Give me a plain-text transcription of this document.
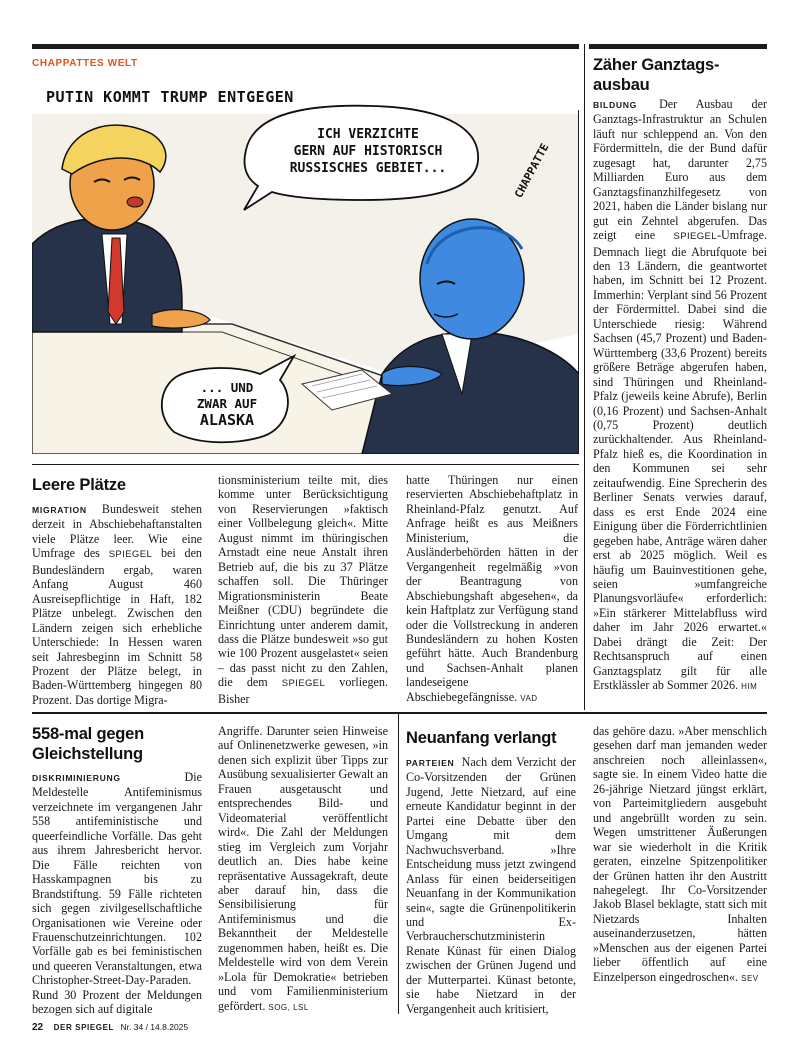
CHAPPATTES WELT
PUTIN KOMMT TRUMP ENTGEGEN
ICH VERZICHTE
GERN AUF HISTORISCH
RUSSISCHES GEBIET...
... UND
ZWAR AUF
ALASKA
CHAPPATTE
Leere Plätze
MIGRATION Bundesweit stehen derzeit in Abschiebehaftanstalten viele Plätze leer. Wie eine Umfrage des SPIEGEL bei den Bundesländern ergab, waren Anfang August 460 Ausreisepflichtige in Haft, 182 Plätze unbelegt. Zwischen den Ländern zeigen sich erhebliche Unterschiede: In Hessen waren seit Jahresbeginn im Schnitt 58 Prozent der Plätze belegt, in Baden-Württemberg hingegen 80 Prozent. Das dortige Migra-
tionsministerium teilte mit, dies komme unter Berücksichtigung von Reservierungen »faktisch einer Vollbelegung gleich«. Mitte August nimmt im thüringischen Arnstadt eine neue Anstalt ihren Betrieb auf, die bis zu 37 Plätze schaffen soll. Die Thüringer Migrationsministerin Beate Meißner (CDU) begründete die Einrichtung unter anderem damit, dass die Plätze bundesweit »so gut wie 100 Prozent ausgelastet« seien – das passt nicht zu den Zahlen, die dem SPIEGEL vorliegen. Bisher
hatte Thüringen nur einen reservierten Abschiebehaftplatz in Rheinland-Pfalz genutzt. Auf Anfrage heißt es aus Meißners Ministerium, die Ausländerbehörden hätten in der Vergangenheit regelmäßig »von der Beantragung von Abschiebungshaft abgesehen«, da kein Haftplatz zur Verfügung stand oder die Vollstreckung in anderen Bundesländern zu hohen Kosten geführt hätte. Auch Brandenburg und Sachsen-Anhalt planen landeseigene Abschiebegefängnisse. VAD
Zäher Ganztags-ausbau
BILDUNG Der Ausbau der Ganztags-Infrastruktur an Schulen läuft nur schleppend an. Von den Fördermitteln, die der Bund dafür zugesagt hat, darunter 2,75 Milliarden Euro aus dem Ganztagsfinanzhilfegesetz von 2021, haben die Länder bislang nur gut ein Zehntel abgerufen. Das zeigt eine SPIEGEL-Umfrage. Demnach liegt die Abrufquote bei den 13 Ländern, die geantwortet haben, im Schnitt bei 12 Prozent. Immerhin: Verplant sind 56 Prozent der Fördermittel. Dabei sind die Unterschiede riesig: Während Sachsen (45,7 Prozent) und Baden-Württemberg (33,6 Prozent) bereits größere Beträge abgerufen haben, sind Thüringen und Rheinland-Pfalz (jeweils keine Abrufe), Berlin (0,16 Prozent) und Sachsen-Anhalt (0,75 Prozent) deutlich zurückhaltender. Aus Rheinland-Pfalz hieß es, die Koordination in den Kommunen sei sehr zeitaufwendig. Eine Sprecherin des Berliner Senats verwies darauf, dass es erst Ende 2024 eine Einigung über die Förderrichtlinien gegeben habe, Anträge wären daher erst ab 2025 möglich. Weil es häufig um Bauinvestitionen gehe, seien »umfangreiche Planungsvorläufe« erforderlich: »Ein stärkerer Mittelabfluss wird daher im Jahr 2026 erwartet.« Dabei drängt die Zeit: Der Rechtsanspruch auf einen Ganztagsplatz gilt für alle Erstklässler ab Sommer 2026. HIM
558-mal gegen Gleichstellung
DISKRIMINIERUNG Die Meldestelle Antifeminismus verzeichnete im vergangenen Jahr 558 antifeministische und queerfeindliche Vorfälle. Das geht aus ihrem Jahresbericht hervor. Die Fälle reichten von Hasskampagnen bis zu Brandstiftung. 59 Fälle richteten sich gegen zivilgesellschaftliche Organisationen wie Vereine oder Frauenschutzeinrichtungen. 102 Vorfälle gab es bei feministischen und queeren Veranstaltungen, etwa Christopher-Street-Day-Paraden. Rund 30 Prozent der Meldungen bezogen sich auf digitale
Angriffe. Darunter seien Hinweise auf Onlinenetzwerke gewesen, »in denen sich explizit über Tipps zur Ausübung sexualisierter Gewalt an Frauen ausgetauscht und entsprechendes Bild- und Videomaterial veröffentlicht wird«. Die Zahl der Meldungen stieg im Vergleich zum Vorjahr deutlich an. Dies habe keine repräsentative Aussagekraft, deute aber darauf hin, dass die Sensibilisierung für Antifeminismus und die Bekanntheit der Meldestelle zugenommen haben, heißt es. Die Meldestelle wird von dem Verein »Lola für Demokratie« betrieben und vom Familienministerium gefördert. SOG, LSL
Neuanfang verlangt
PARTEIEN Nach dem Verzicht der Co-Vorsitzenden der Grünen Jugend, Jette Nietzard, auf eine erneute Kandidatur beginnt in der Partei eine Debatte über den Umgang mit dem Nachwuchsverband. »Ihre Entscheidung muss jetzt zwingend Anlass für einen beiderseitigen Neuanfang in der Kommunikation sein«, sagte die Grünenpolitikerin und Ex-Verbraucherschutzministerin Renate Künast für einen Dialog zwischen der Grünen Jugend und der Mutterpartei. Künast betonte, sie habe Nietzard in der Vergangenheit auch kritisiert,
das gehöre dazu. »Aber menschlich gesehen darf man jemanden weder anschreien noch alleinlassen«, sagte sie. In einem Video hatte die 26-jährige Nietzard jüngst erklärt, von Parteimitgliedern ausgebuht und angebrüllt worden zu sein. Wegen umstrittener Äußerungen war sie wiederholt in die Kritik geraten, einzelne Spitzenpolitiker der Grünen hatten ihr den Austritt nahegelegt. Ihr Co-Vorsitzender Jakob Blasel beklagte, statt sich mit Nietzards Inhalten auseinanderzusetzen, hätten »Menschen aus der eigenen Partei lieber öffentlich auf eine Einzelperson eingedroschen«. SEV
22 DER SPIEGEL Nr. 34 / 14.8.2025
